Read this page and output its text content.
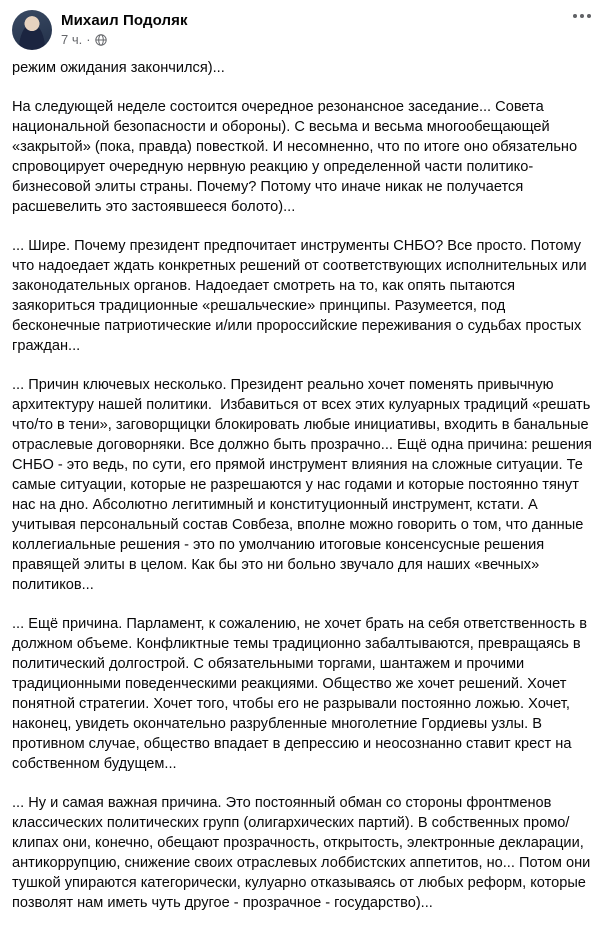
Михаил Подоляк
7 ч. ·

режим ожидания закончился)...

На следующей неделе состоится очередное резонансное заседание... Совета национальной безопасности и обороны). С весьма и весьма многообещающей «закрытой» (пока, правда) повесткой. И несомненно, что по итоге оно обязательно спровоцирует очередную нервную реакцию у определенной части политико-бизнесовой элиты страны. Почему? Потому что иначе никак не получается расшевелить это застоявшееся болото)...

... Шире. Почему президент предпочитает инструменты СНБО? Все просто. Потому что надоедает ждать конкретных решений от соответствующих исполнительных или законодательных органов. Надоедает смотреть на то, как опять пытаются заякориться традиционные «решальческие» принципы. Разумеется, под бесконечные патриотические и/или пророссийские переживания о судьбах простых граждан...

... Причин ключевых несколько. Президент реально хочет поменять привычную архитектуру нашей политики.  Избавиться от всех этих кулуарных традиций «решать что/то в тени», заговорщицки блокировать любые инициативы, входить в банальные отраслевые договорняки. Все должно быть прозрачно... Ещё одна причина: решения СНБО - это ведь, по сути, его прямой инструмент влияния на сложные ситуации. Те самые ситуации, которые не разрешаются у нас годами и которые постоянно тянут нас на дно. Абсолютно легитимный и конституционный инструмент, кстати. А учитывая персональный состав Совбеза, вполне можно говорить о том, что данные коллегиальные решения - это по умолчанию итоговые консенсусные решения правящей элиты в целом. Как бы это ни больно звучало для наших «вечных» политиков...

... Ещё причина. Парламент, к сожалению, не хочет брать на себя ответственность в должном объеме. Конфликтные темы традиционно забалтываются, превращаясь в политический долгострой. С обязательными торгами, шантажем и прочими традиционными поведенческими реакциями. Общество же хочет решений. Хочет понятной стратегии. Хочет того, чтобы его не разрывали постоянно ложью. Хочет, наконец, увидеть окончательно разрубленные многолетние Гордиевы узлы. В противном случае, общество впадает в депрессию и неосознанно ставит крест на собственном будущем...

... Ну и самая важная причина. Это постоянный обман со стороны фронтменов классических политических групп (олигархических партий). В собственных промо/клипах они, конечно, обещают прозрачность, открытость, электронные декларации, антикоррупцию, снижение своих отраслевых лоббистских аппетитов, но... Потом они тушкой упираются категорически, кулуарно отказываясь от любых реформ, которые позволят нам иметь чуть другое - прозрачное - государство)...
